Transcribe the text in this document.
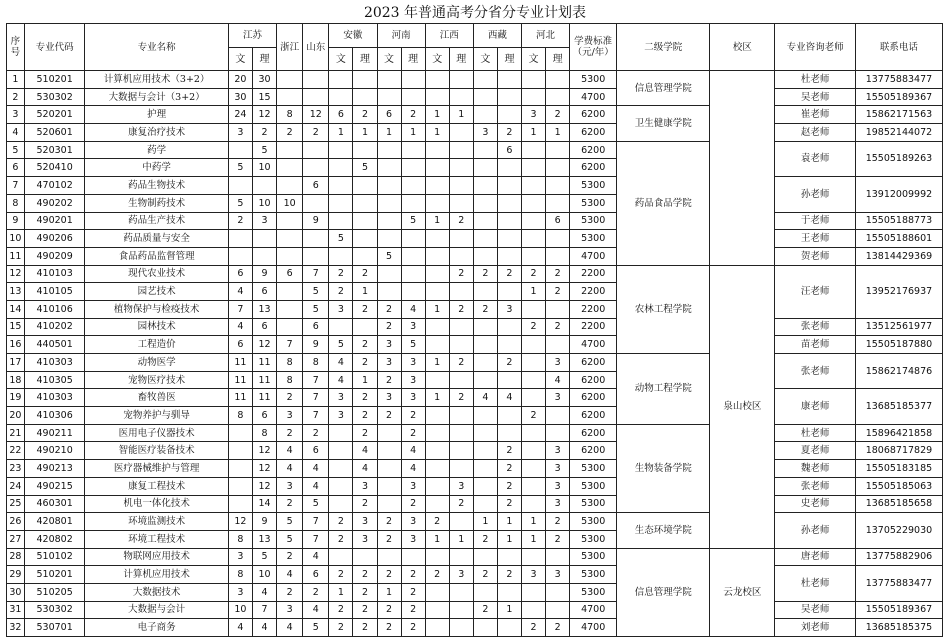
2023 年普通高考分省分专业计划表
序号	专业代码	专业名称	江苏		浙江	山东	安徽		河南		江西		西藏		河北		学费标准（元/年）	二级学院	校区	专业咨询老师	联系电话
			文	理			文	理	文	理	文	理	文	理	文	理					
1	510201	计算机应用技术（3+2）	20	30													5300	信息管理学院		杜老师	13775883477
2	530302	大数据与会计（3+2）	30	15													4700			吴老师	15505189367
3	520201	护理	24	12	8	12	6	2	6	2	1	1			3	2	6200	卫生健康学院		崔老师	15862171563
4	520601	康复治疗技术	3	2	2	2	1	1	1	1	1		3	2	1	1	6200			赵老师	19852144072
5	520301	药学		5										6			6200	药品食品学院		袁老师	15505189263
6	520410	中药学	5	10				5									6200				
7	470102	药品生物技术				6											5300			孙老师	13912009992
8	490202	生物制药技术	5	10	10												5300				
9	490201	药品生产技术	2	3		9				5	1	2				6	5300			于老师	15505188773
10	490206	药品质量与安全					5										5300			王老师	15505188601
11	490209	食品药品监督管理							5								4700			贺老师	13814429369
12	410103	现代农业技术	6	9	6	7	2	2				2	2	2	2	2	2200	农林工程学院	泉山校区	汪老师	13952176937
13	410105	园艺技术	4	6		5	2	1							1	2	2200				
14	410106	植物保护与检疫技术	7	13		5	3	2	2	4	1	2	2	3			2200				
15	410202	园林技术	4	6		6			2	3					2	2	2200			张老师	13512561977
16	440501	工程造价	6	12	7	9	5	2	3	5							4700			苗老师	15505187880
17	410303	动物医学	11	11	8	8	4	2	3	3	1	2		2		3	6200	动物工程学院		张老师	15862174876
18	410305	宠物医疗技术	11	11	8	7	4	1	2	3						4	6200				
19	410303	畜牧兽医	11	11	2	7	3	2	3	3	1	2	4	4		3	6200			康老师	13685185377
20	410306	宠物养护与驯导	8	6	3	7	3	2	2	2					2		6200				
21	490211	医用电子仪器技术		8	2	2		2		2							6200	生物装备学院		杜老师	15896421858
22	490210	智能医疗装备技术		12	4	6		4		4				2		3	6200			夏老师	18068717829
23	490213	医疗器械维护与管理		12	4	4		4		4				2		3	5300			魏老师	15505183185
24	490215	康复工程技术		12	3	4		3		3		3		2		3	5300			张老师	15505185063
25	460301	机电一体化技术		14	2	5		2		2		2		2		3	5300			史老师	13685185658
26	420801	环境监测技术	12	9	5	7	2	3	2	3	2		1	1	1	2	5300	生态环境学院		孙老师	13705229030
27	420802	环境工程技术	8	13	5	7	2	3	2	3	1	1	2	1	1	2	5300				
28	510102	物联网应用技术	3	5	2	4											5300	信息管理学院	云龙校区	唐老师	13775882906
29	510201	计算机应用技术	8	10	4	6	2	2	2	2	2	3	2	2	3	3	5300			杜老师	13775883477
30	510205	大数据技术	3	4	2	2	1	2	1	2							5300				
31	530302	大数据与会计	10	7	3	4	2	2	2	2			2	1			4700			吴老师	15505189367
32	530701	电子商务	4	4	4	5	2	2	2	2					2	2	4700			刘老师	13685185375
